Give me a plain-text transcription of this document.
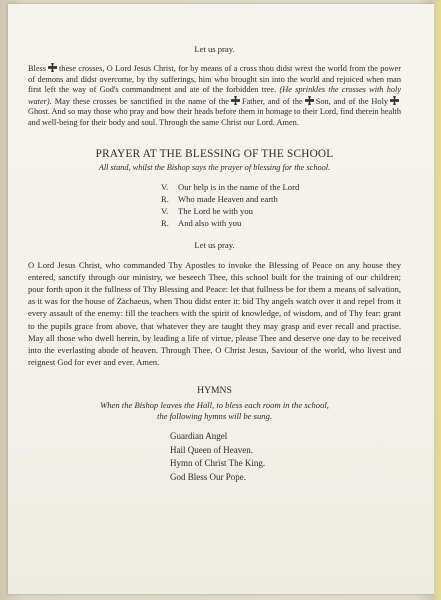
Let us pray.

Bless these crosses, O Lord Jesus Christ, for by means of a cross thou didst wrest the world from the power of demons and didst overcome, by thy sufferings, him who brought sin into the world and rejoiced when man first left the way of God's commandment and ate of the forbidden tree. (He sprinkles the crosses with holy water). May these crosses be sanctified in the name of the Father, and of the Son, and of the HolyGhost. And so may those who pray and bow their heads before them in homage to their Lord, find therein health and well-being for their body and soul. Through the same Christ our Lord. Amen.

PRAYER AT THE BLESSING OF THE SCHOOL
All stand, whilst the Bishop says the prayer of blessing for the school.
V. Our help is in the name of the Lord
R. Who made Heaven and earth
V. The Lord be with you
R. And also with you
Let us pray.

O Lord Jesus Christ, who commanded Thy Apostles to invoke the Blessing of Peace on any house they entered, sanctify through our ministry, we beseech Thee, this school built for the training of our children; pour forth upon it the fullness of Thy Blessing and Peace: let that fullness be for them a means of salvation, as it was for the house of Zachaeus, when Thou didst enter it: bid Thy angels watch over it and repel from it every assault of the enemy: fill the teachers with the spirit of knowledge, of wisdom, and of Thy fear: grant to the pupils grace from above, that whatever they are taught they may grasp and ever recall and practise. May all those who dwell herein, by leading a life of virtue, please Thee and deserve one day to be received into the everlasting abode of heaven. Through Thee, O Christ Jesus, Saviour of the world, who livest and reignest God for ever and ever. Amen.

HYMNS
When the Bishop leaves the Hall, to bless each room in the school,
the following hymns will be sung.
Guardian Angel
Hail Queen of Heaven.
Hymn of Christ The King.
God Bless Our Pope.
